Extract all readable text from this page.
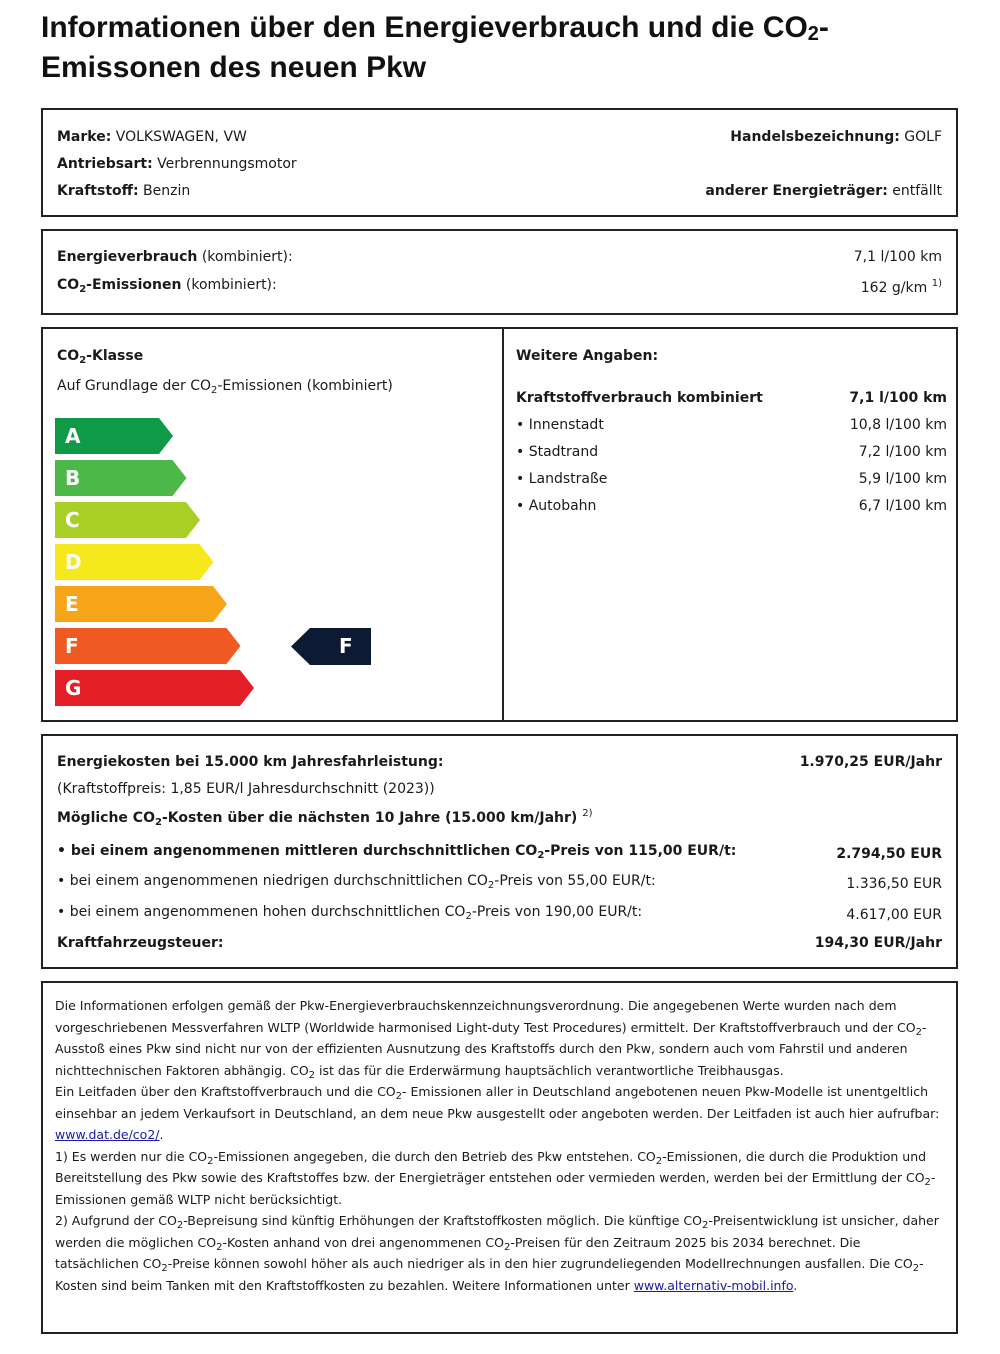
Informationen über den Energieverbrauch und die $CO_2-$
Emissonen des neuen Pkw
Marke: VOLKSWAGEN, VW	Handelsbezeichnung: GOLF
Antriebsart: Verbrennungsmotor
Kraftstoff: Benzin	anderer Energieträger: entfällt
Energieverbrauch (kombiniert):	7,1 l/100 km
$CO_2$-Emissionen (kombiniert):	162 g/km $^{1)}$
$CO_2$-Klasse
Auf Grundlage der $CO_2$-Emissionen (kombiniert)
A
B
C
D
E
F
G
F
Weitere Angaben:
Kraftstoffverbrauch kombiniert	7,1 l/100 km
• Innenstadt	10,8 l/100 km
• Stadtrand	7,2 l/100 km
• Landstraße	5,9 l/100 km
• Autobahn	6,7 l/100 km
Energiekosten bei 15.000 km Jahresfahrleistung:	1.970,25 EUR/Jahr
(Kraftstoffpreis: 1,85 EUR/l Jahresdurchschnitt (2023))
Mögliche $CO_2$-Kosten über die nächsten 10 Jahre (15.000 km/Jahr) $^{2)}$
• bei einem angenommenen mittleren durchschnittlichen $CO_2$-Preis von 115,00 EUR/t:	2.794,50 EUR
• bei einem angenommenen niedrigen durchschnittlichen $CO_2$-Preis von 55,00 EUR/t:	1.336,50 EUR
• bei einem angenommenen hohen durchschnittlichen $CO_2$-Preis von 190,00 EUR/t:	4.617,00 EUR
Kraftfahrzeugsteuer:	194,30 EUR/Jahr

Die Informationen erfolgen gemäß der Pkw-Energieverbrauchskennzeichnungsverordnung. Die angegebenen Werte wurden nach dem vorgeschriebenen Messverfahren WLTP (Worldwide harmonised Light-duty Test Procedures) ermittelt. Der Kraftstoffverbrauch und der $CO_2$-Ausstoß eines Pkw sind nicht nur von der effizienten Ausnutzung des Kraftstoffs durch den Pkw, sondern auch vom Fahrstil und anderen nichttechnischen Faktoren abhängig. $CO_2$ ist das für die Erderwärmung hauptsächlich verantwortliche Treibhausgas.

Ein Leitfaden über den Kraftstoffverbrauch und die $CO_2-$ Emissionen aller in Deutschland angebotenen neuen Pkw-Modelle ist unentgeltlich einsehbar an jedem Verkaufsort in Deutschland, an dem neue Pkw ausgestellt oder angeboten werden. Der Leitfaden ist auch hier aufrufbar: www.dat.de/co2/.

1) Es werden nur die $CO_2$-Emissionen angegeben, die durch den Betrieb des Pkw entstehen. $CO_2$-Emissionen, die durch die Produktion und Bereitstellung des Pkw sowie des Kraftstoffes bzw. der Energieträger entstehen oder vermieden werden, werden bei der Ermittlung der $CO_2$-Emissionen gemäß WLTP nicht berücksichtigt.

2) Aufgrund der $CO_2$-Bepreisung sind künftig Erhöhungen der Kraftstoffkosten möglich. Die künftige $CO_2$-Preisentwicklung ist unsicher, daher werden die möglichen $CO_2$-Kosten anhand von drei angenommenen $CO_2$-Preisen für den Zeitraum 2025 bis 2034 berechnet. Die tatsächlichen $CO_2$-Preise können sowohl höher als auch niedriger als in den hier zugrundeliegenden Modellrechnungen ausfallen. Die $CO_2$-Kosten sind beim Tanken mit den Kraftstoffkosten zu bezahlen. Weitere Informationen unter www.alternativ-mobil.info.
